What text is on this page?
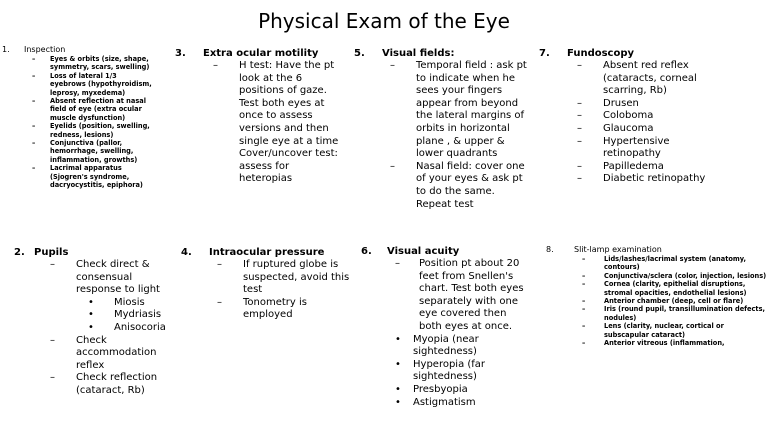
Physical Exam of the Eye
1.	Inspection
–	Eyes & orbits (size, shape, symmetry, scars, swelling)
–	Loss of lateral 1/3 eyebrows (hypothyroidism, leprosy, myxedema)
–	Absent reflection at nasal field of eye (extra ocular muscle dysfunction)
–	Eyelids (position, swelling, redness, lesions)
–	Conjunctiva (pallor, hemorrhage, swelling, inflammation, growths)
–	Lacrimal apparatus (Sjogren's syndrome, dacryocystitis, epiphora)
3.	Extra ocular motility
–	H test: Have the pt look at the 6 positions of gaze. Test both eyes at once to assess versions and then single eye at a time Cover/uncover test: assess for heteropias
5.	Visual fields:
–	Temporal field : ask pt to indicate when he sees your fingers appear from beyond the lateral margins of orbits in horizontal plane , & upper & lower quadrants
–	Nasal field: cover one of your eyes & ask pt to do the same. Repeat test
7.	Fundoscopy
–	Absent red reflex (cataracts, corneal scarring, Rb)
–	Drusen
–	Coloboma
–	Glaucoma
–	Hypertensive retinopathy
–	Papilledema
–	Diabetic retinopathy
2. Pupils
–	Check direct & consensual response to light
•	Miosis
•	Mydriasis
•	Anisocoria
–	Check accommodation reflex
–	Check reflection (cataract, Rb)
4.	Intraocular pressure
–	If ruptured globe is suspected, avoid this test
–	Tonometry is employed
6.	Visual acuity
–	Position pt about 20 feet from Snellen's chart. Test both eyes separately with one eye covered then both eyes at once.
•	Myopia (near sightedness)
•	Hyperopia (far sightedness)
•	Presbyopia
•	Astigmatism
8.	Slit-lamp examination
–	Lids/lashes/lacrimal system (anatomy, contours)
–	Conjunctiva/sclera (color, injection, lesions)
–	Cornea (clarity, epithelial disruptions, stromal opacities, endothelial lesions)
–	Anterior chamber (deep, cell or flare)
–	Iris (round pupil, transillumination defects, nodules)
–	Lens (clarity, nuclear, cortical or subscapular cataract)
–	Anterior vitreous (inflammation,
